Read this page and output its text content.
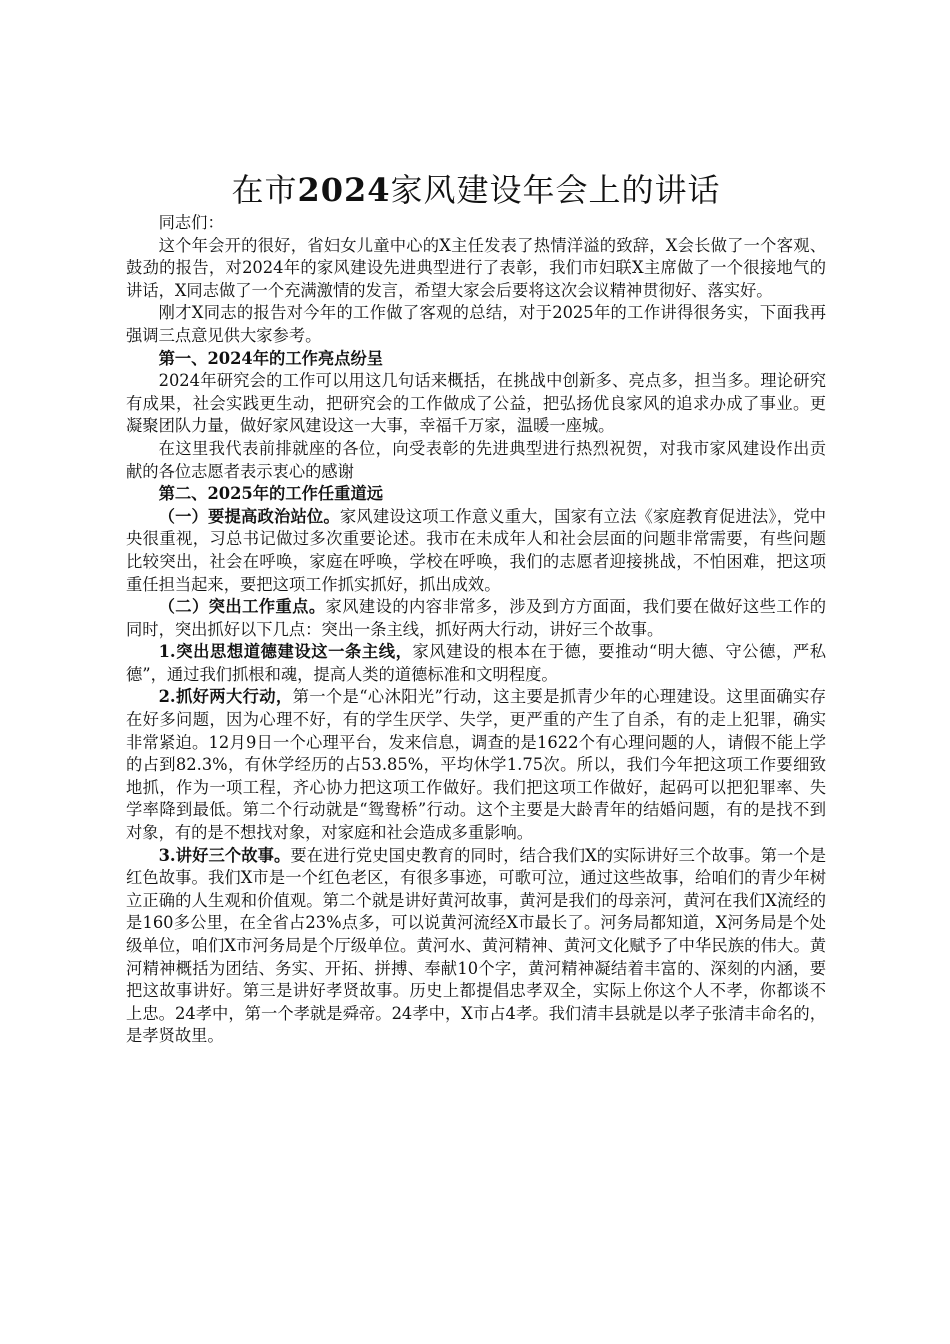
在市2024家风建设年会上的讲话

同志们：

这个年会开的很好，省妇女儿童中心的X主任发表了热情洋溢的致辞，X会长做了一个客观、鼓劲的报告，对2024年的家风建设先进典型进行了表彰，我们市妇联X主席做了一个很接地气的讲话，X同志做了一个充满激情的发言，希望大家会后要将这次会议精神贯彻好、落实好。

刚才X同志的报告对今年的工作做了客观的总结，对于2025年的工作讲得很务实，下面我再强调三点意见供大家参考。

第一、2024年的工作亮点纷呈

2024年研究会的工作可以用这几句话来概括，在挑战中创新多、亮点多，担当多。理论研究有成果，社会实践更生动，把研究会的工作做成了公益，把弘扬优良家风的追求办成了事业。更凝聚团队力量，做好家风建设这一大事，幸福千万家，温暖一座城。

在这里我代表前排就座的各位，向受表彰的先进典型进行热烈祝贺，对我市家风建设作出贡献的各位志愿者表示衷心的感谢

第二、2025年的工作任重道远

（一）要提高政治站位。家风建设这项工作意义重大，国家有立法《家庭教育促进法》，党中央很重视，习总书记做过多次重要论述。我市在未成年人和社会层面的问题非常需要，有些问题比较突出，社会在呼唤，家庭在呼唤，学校在呼唤，我们的志愿者迎接挑战，不怕困难，把这项重任担当起来，要把这项工作抓实抓好，抓出成效。

（二）突出工作重点。家风建设的内容非常多，涉及到方方面面，我们要在做好这些工作的同时，突出抓好以下几点：突出一条主线，抓好两大行动，讲好三个故事。

1.突出思想道德建设这一条主线，家风建设的根本在于德，要推动“明大德、守公德，严私德”，通过我们抓根和魂，提高人类的道德标准和文明程度。

2.抓好两大行动，第一个是“心沐阳光”行动，这主要是抓青少年的心理建设。这里面确实存在好多问题，因为心理不好，有的学生厌学、失学，更严重的产生了自杀，有的走上犯罪，确实非常紧迫。12月9日一个心理平台，发来信息，调查的是1622个有心理问题的人，请假不能上学的占到82.3%，有休学经历的占53.85%，平均休学1.75次。所以，我们今年把这项工作要细致地抓，作为一项工程，齐心协力把这项工作做好。我们把这项工作做好，起码可以把犯罪率、失学率降到最低。第二个行动就是“鸳鸯桥”行动。这个主要是大龄青年的结婚问题，有的是找不到对象，有的是不想找对象，对家庭和社会造成多重影响。

3.讲好三个故事。要在进行党史国史教育的同时，结合我们X的实际讲好三个故事。第一个是红色故事。我们X市是一个红色老区，有很多事迹，可歌可泣，通过这些故事，给咱们的青少年树立正确的人生观和价值观。第二个就是讲好黄河故事，黄河是我们的母亲河，黄河在我们X流经的是160多公里，在全省占23%点多，可以说黄河流经X市最长了。河务局都知道，X河务局是个处级单位，咱们X市河务局是个厅级单位。黄河水、黄河精神、黄河文化赋予了中华民族的伟大。黄河精神概括为团结、务实、开拓、拼搏、奉献10个字，黄河精神凝结着丰富的、深刻的内涵，要把这故事讲好。第三是讲好孝贤故事。历史上都提倡忠孝双全，实际上你这个人不孝，你都谈不上忠。24孝中，第一个孝就是舜帝。24孝中，X市占4孝。我们清丰县就是以孝子张清丰命名的，是孝贤故里。
